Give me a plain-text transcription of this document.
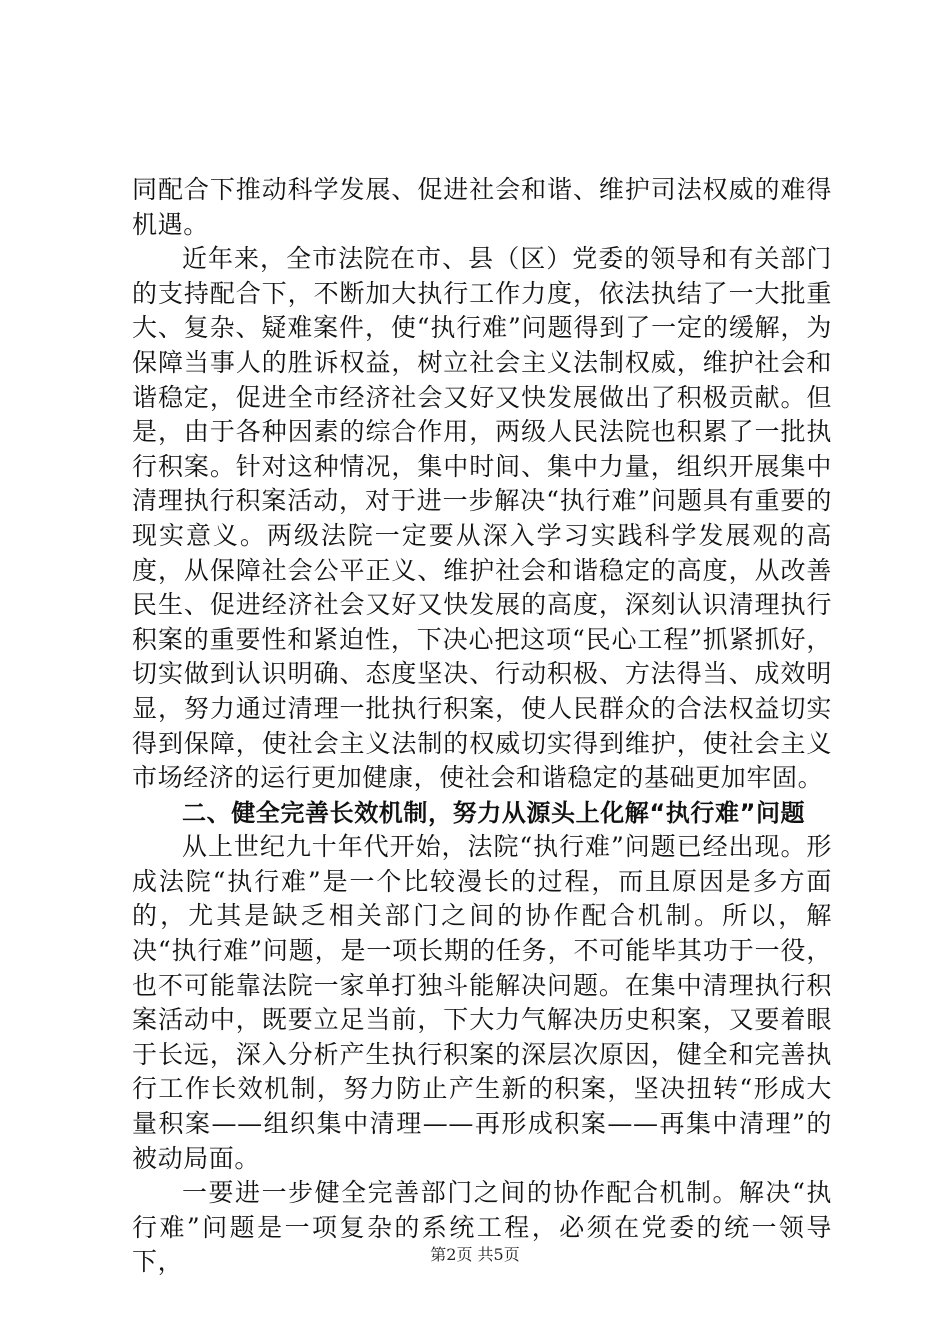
同配合下推动科学发展、促进社会和谐、维护司法权威的难得机遇。

近年来，全市法院在市、县（区）党委的领导和有关部门的支持配合下，不断加大执行工作力度，依法执结了一大批重大、复杂、疑难案件，使“执行难”问题得到了一定的缓解，为保障当事人的胜诉权益，树立社会主义法制权威，维护社会和谐稳定，促进全市经济社会又好又快发展做出了积极贡献。但是，由于各种因素的综合作用，两级人民法院也积累了一批执行积案。针对这种情况，集中时间、集中力量，组织开展集中清理执行积案活动，对于进一步解决“执行难”问题具有重要的现实意义。两级法院一定要从深入学习实践科学发展观的高度，从保障社会公平正义、维护社会和谐稳定的高度，从改善民生、促进经济社会又好又快发展的高度，深刻认识清理执行积案的重要性和紧迫性，下决心把这项“民心工程”抓紧抓好，切实做到认识明确、态度坚决、行动积极、方法得当、成效明显，努力通过清理一批执行积案，使人民群众的合法权益切实得到保障，使社会主义法制的权威切实得到维护，使社会主义市场经济的运行更加健康，使社会和谐稳定的基础更加牢固。

二、健全完善长效机制，努力从源头上化解“执行难”问题

从上世纪九十年代开始，法院“执行难”问题已经出现。形成法院“执行难”是一个比较漫长的过程，而且原因是多方面的，尤其是缺乏相关部门之间的协作配合机制。所以，解决“执行难”问题，是一项长期的任务，不可能毕其功于一役，也不可能靠法院一家单打独斗能解决问题。在集中清理执行积案活动中，既要立足当前，下大力气解决历史积案，又要着眼于长远，深入分析产生执行积案的深层次原因，健全和完善执行工作长效机制，努力防止产生新的积案，坚决扭转“形成大量积案——组织集中清理——再形成积案——再集中清理”的被动局面。

一要进一步健全完善部门之间的协作配合机制。解决“执行难”问题是一项复杂的系统工程，必须在党委的统一领导下，	第2页 共5页
